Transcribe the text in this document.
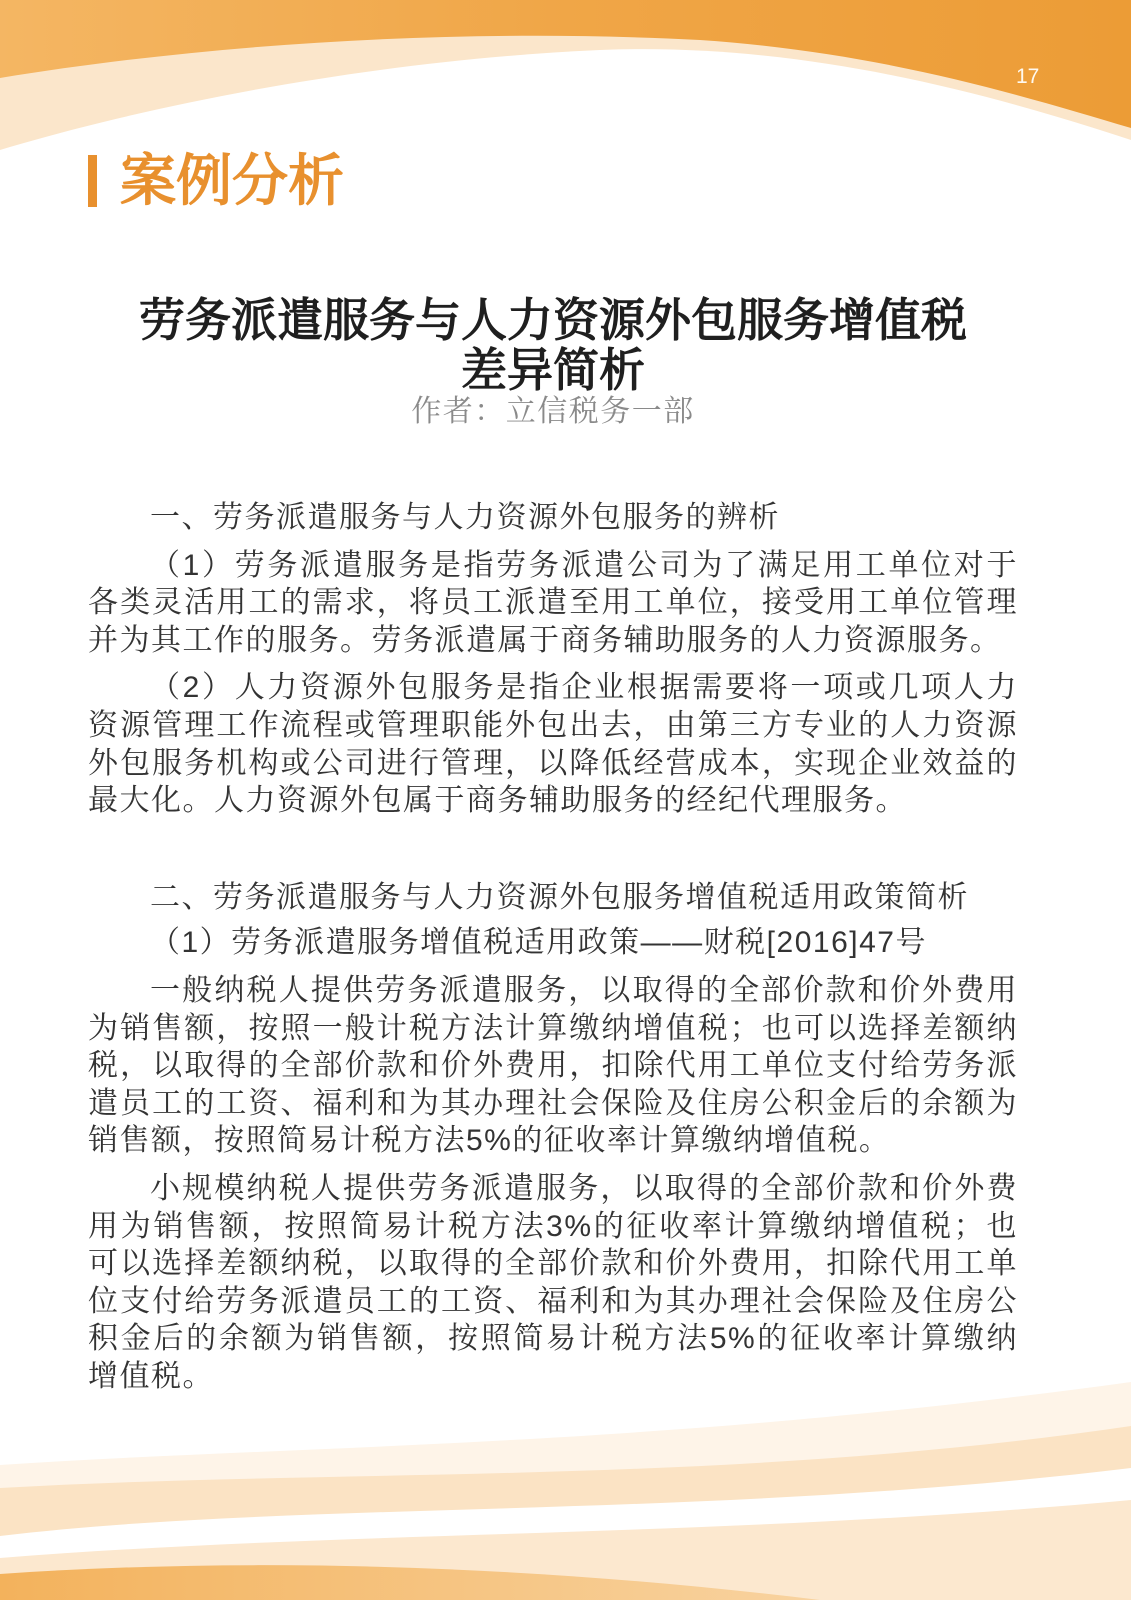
17
案例分析
劳务派遣服务与人力资源外包服务增值税
差异简析
作者：立信税务一部
一、劳务派遣服务与人力资源外包服务的辨析

（1）劳务派遣服务是指劳务派遣公司为了满足用工单位对于
各类灵活用工的需求，将员工派遣至用工单位，接受用工单位管理
并为其工作的服务。劳务派遣属于商务辅助服务的人力资源服务。

（2）人力资源外包服务是指企业根据需要将一项或几项人力
资源管理工作流程或管理职能外包出去，由第三方专业的人力资源
外包服务机构或公司进行管理，以降低经营成本，实现企业效益的
最大化。人力资源外包属于商务辅助服务的经纪代理服务。

二、劳务派遣服务与人力资源外包服务增值税适用政策简析
（1）劳务派遣服务增值税适用政策——财税[2016]47号

一般纳税人提供劳务派遣服务，以取得的全部价款和价外费用
为销售额，按照一般计税方法计算缴纳增值税；也可以选择差额纳
税，以取得的全部价款和价外费用，扣除代用工单位支付给劳务派
遣员工的工资、福利和为其办理社会保险及住房公积金后的余额为
销售额，按照简易计税方法5%的征收率计算缴纳增值税。

小规模纳税人提供劳务派遣服务，以取得的全部价款和价外费
用为销售额，按照简易计税方法3%的征收率计算缴纳增值税；也
可以选择差额纳税，以取得的全部价款和价外费用，扣除代用工单
位支付给劳务派遣员工的工资、福利和为其办理社会保险及住房公
积金后的余额为销售额，按照简易计税方法5%的征收率计算缴纳
增值税。
